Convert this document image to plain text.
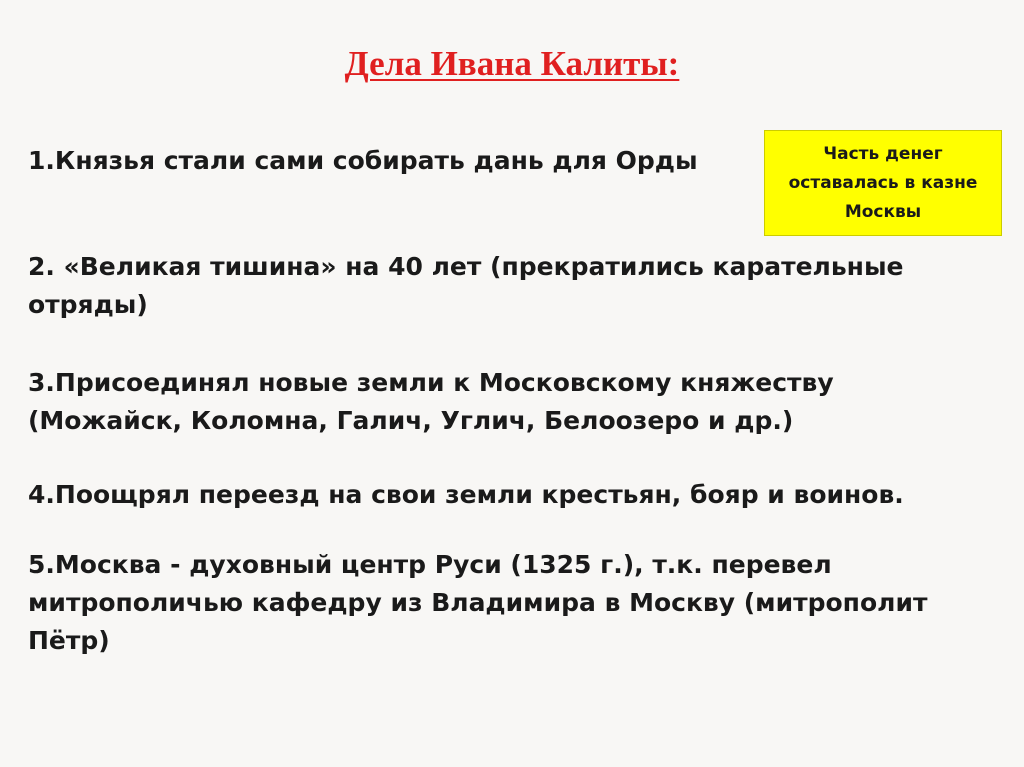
Дела Ивана Калиты:

1.Князья стали сами собирать дань для Орды	Часть денег оставалась в казне Москвы

2. «Великая тишина» на 40 лет (прекратились карательные отряды)

3.Присоединял новые земли к Московскому княжеству (Можайск, Коломна, Галич, Углич, Белоозеро и др.)

4.Поощрял переезд на свои земли крестьян, бояр и воинов.

5.Москва - духовный центр Руси (1325 г.), т.к. перевел митрополичью кафедру из Владимира в Москву (митрополит Пётр)
